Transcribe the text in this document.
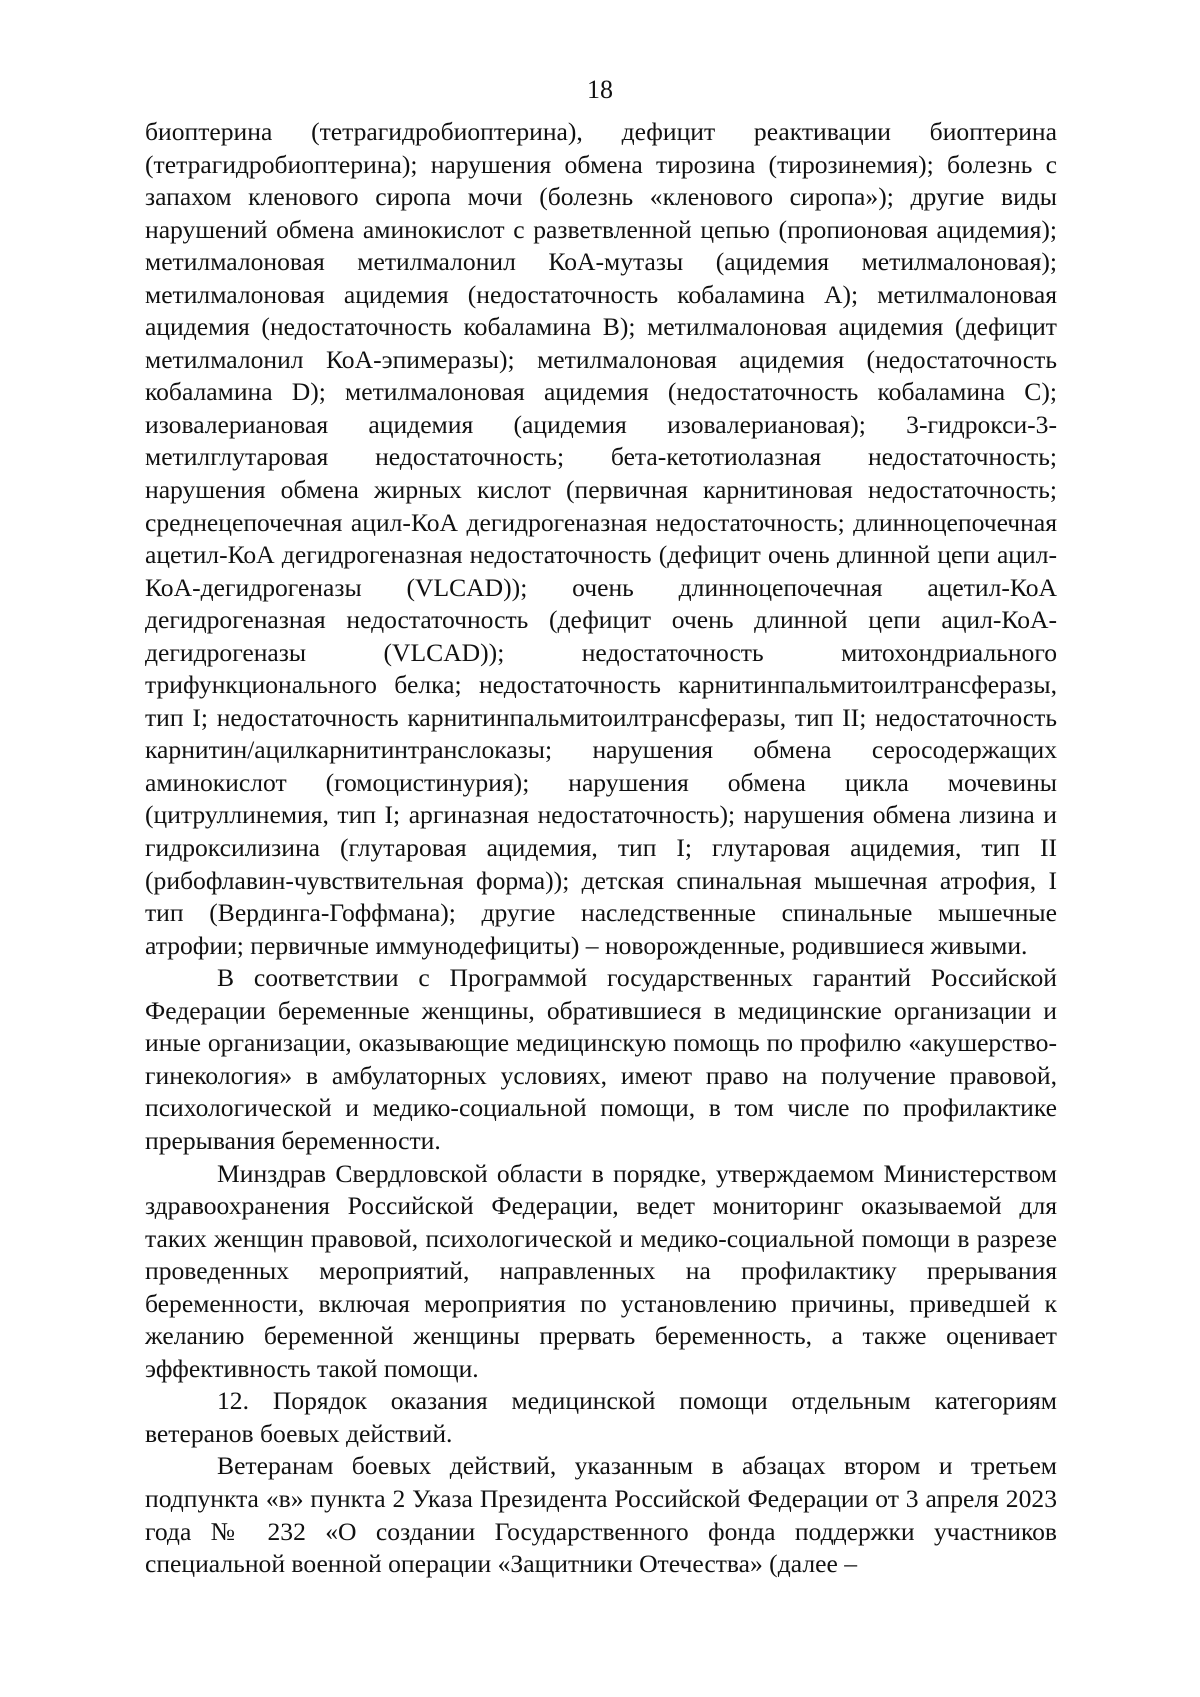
18

биоптерина (тетрагидробиоптерина), дефицит реактивации биоптерина (тетрагидробиоптерина); нарушения обмена тирозина (тирозинемия); болезнь с запахом кленового сиропа мочи (болезнь «кленового сиропа»); другие виды нарушений обмена аминокислот с разветвленной цепью (пропионовая ацидемия); метилмалоновая метилмалонил КоА-мутазы (ацидемия метилмалоновая); метилмалоновая ацидемия (недостаточность кобаламина A); метилмалоновая ацидемия (недостаточность кобаламина B); метилмалоновая ацидемия (дефицит метилмалонил КоА-эпимеразы); метилмалоновая ацидемия (недостаточность кобаламина D); метилмалоновая ацидемия (недостаточность кобаламина C); изовалериановая ацидемия (ацидемия изовалериановая); 3-гидрокси-3-метилглутаровая недостаточность; бета-кетотиолазная недостаточность; нарушения обмена жирных кислот (первичная карнитиновая недостаточность; среднецепочечная ацил-КоА дегидрогеназная недостаточность; длинноцепочечная ацетил-КоА дегидрогеназная недостаточность (дефицит очень длинной цепи ацил-КоА-дегидрогеназы (VLCAD)); очень длинноцепочечная ацетил-КоА дегидрогеназная недостаточность (дефицит очень длинной цепи ацил-КоА-дегидрогеназы (VLCAD)); недостаточность митохондриального трифункционального белка; недостаточность карнитинпальмитоилтрансферазы, тип I; недостаточность карнитинпальмитоилтрансферазы, тип II; недостаточность карнитин/ацилкарнитинтранслоказы; нарушения обмена серосодержащих аминокислот (гомоцистинурия); нарушения обмена цикла мочевины (цитруллинемия, тип I; аргиназная недостаточность); нарушения обмена лизина и гидроксилизина (глутаровая ацидемия, тип I; глутаровая ацидемия, тип II (рибофлавин-чувствительная форма)); детская спинальная мышечная атрофия, I тип (Вердинга-Гоффмана); другие наследственные спинальные мышечные атрофии; первичные иммунодефициты) – новорожденные, родившиеся живыми.

В соответствии с Программой государственных гарантий Российской Федерации беременные женщины, обратившиеся в медицинские организации и иные организации, оказывающие медицинскую помощь по профилю «акушерство-гинекология» в амбулаторных условиях, имеют право на получение правовой, психологической и медико-социальной помощи, в том числе по профилактике прерывания беременности.

Минздрав Свердловской области в порядке, утверждаемом Министерством здравоохранения Российской Федерации, ведет мониторинг оказываемой для таких женщин правовой, психологической и медико-социальной помощи в разрезе проведенных мероприятий, направленных на профилактику прерывания беременности, включая мероприятия по установлению причины, приведшей к желанию беременной женщины прервать беременность, а также оценивает эффективность такой помощи.

12. Порядок оказания медицинской помощи отдельным категориям ветеранов боевых действий.

Ветеранам боевых действий, указанным в абзацах втором и третьем подпункта «в» пункта 2 Указа Президента Российской Федерации от 3 апреля 2023 года № 232 «О создании Государственного фонда поддержки участников специальной военной операции «Защитники Отечества» (далее –
